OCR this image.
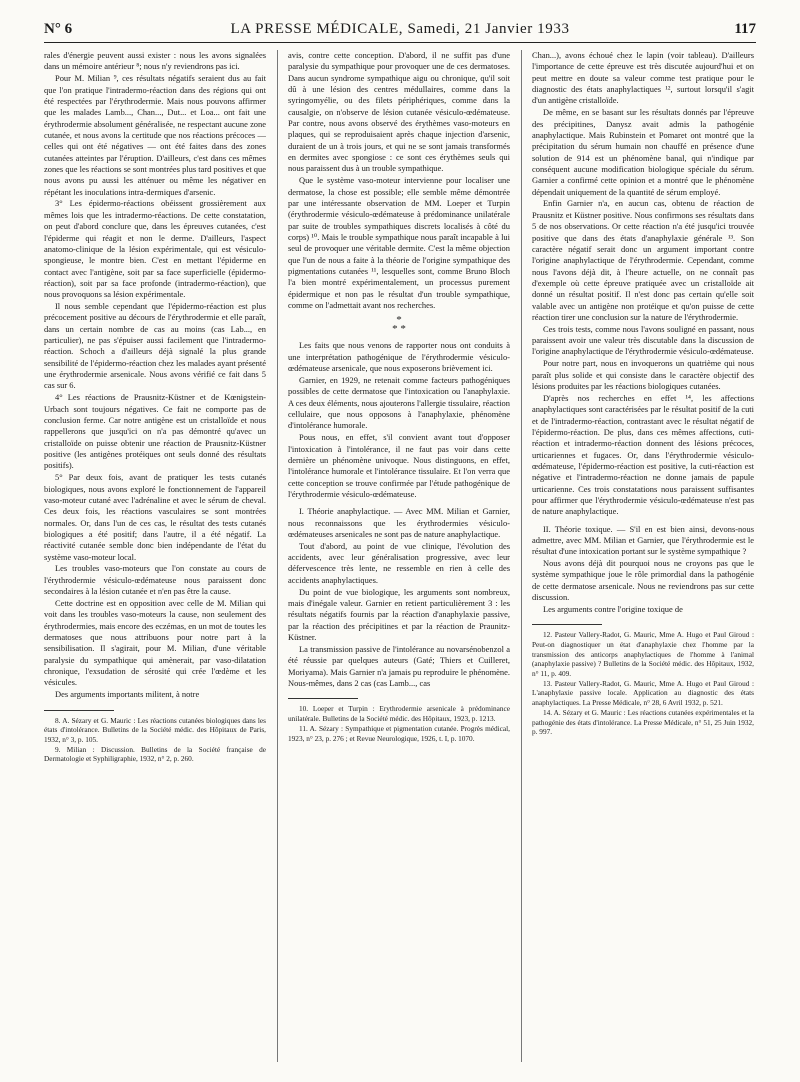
N° 6	LA PRESSE MÉDICALE, Samedi, 21 Janvier 1933	117

rales d'énergie peuvent aussi exister : nous les avons signalées dans un mémoire antérieur ⁸; nous n'y reviendrons pas ici.

Pour M. Milian ⁹, ces résultats négatifs seraient dus au fait que l'on pratique l'intradermo-réaction dans des régions qui ont été respectées par l'érythrodermie. Mais nous pouvons affirmer que les malades Lamb..., Chan..., Dut... et Loa... ont fait une érythrodermie absolument généralisée, ne respectant aucune zone cutanée, et nous avons la certitude que nos réactions précoces — celles qui ont été négatives — ont été faites dans des zones cutanées atteintes par l'éruption. D'ailleurs, c'est dans ces mêmes zones que les réactions se sont montrées plus tard positives et que nous avons pu aussi les atténuer ou même les négativer en répétant les inoculations intra-dermiques d'arsenic.

3° Les épidermo-réactions obéissent grossièrement aux mêmes lois que les intradermo-réactions. De cette constatation, on peut d'abord conclure que, dans les épreuves cutanées, c'est l'épiderme qui réagit et non le derme. D'ailleurs, l'aspect anatomo-clinique de la lésion expérimentale, qui est vésiculo-spongieuse, le montre bien. C'est en mettant l'épiderme en contact avec l'antigène, soit par sa face superficielle (épidermo-réaction), soit par sa face profonde (intradermo-réaction), que nous provoquons sa lésion expérimentale.

Il nous semble cependant que l'épidermo-réaction est plus précocement positive au décours de l'érythrodermie et elle paraît, dans un certain nombre de cas au moins (cas Lab..., en particulier), ne pas s'épuiser aussi facilement que l'intradermo-réaction. Schoch a d'ailleurs déjà signalé la plus grande sensibilité de l'épidermo-réaction chez les malades ayant présenté une érythrodermie arsenicale. Nous avons vérifié ce fait dans 5 cas sur 6.

4° Les réactions de Prausnitz-Küstner et de Kœnigstein-Urbach sont toujours négatives. Ce fait ne comporte pas de conclusion ferme. Car notre antigène est un cristalloïde et nous rappellerons que jusqu'ici on n'a pas démontré qu'avec un cristalloïde on puisse obtenir une réaction de Prausnitz-Küstner positive (les antigènes protéiques ont seuls donné des résultats positifs).

5° Par deux fois, avant de pratiquer les tests cutanés biologiques, nous avons exploré le fonctionnement de l'appareil vaso-moteur cutané avec l'adrénaline et avec le sérum de cheval. Ces deux fois, les réactions vasculaires se sont montrées normales. Or, dans l'un de ces cas, le résultat des tests cutanés biologiques a été positif; dans l'autre, il a été négatif. La réactivité cutanée semble donc bien indépendante de l'état du système vaso-moteur local.

Les troubles vaso-moteurs que l'on constate au cours de l'érythrodermie vésiculo-œdémateuse nous paraissent donc secondaires à la lésion cutanée et n'en pas être la cause.

Cette doctrine est en opposition avec celle de M. Milian qui voit dans les troubles vaso-moteurs la cause, non seulement des érythrodermies, mais encore des eczémas, en un mot de toutes les dermatoses que nous attribuons pour notre part à la sensibilisation. Il s'agirait, pour M. Milian, d'une véritable paralysie du sympathique qui amènerait, par vaso-dilatation chronique, l'exsudation de sérosité qui crée l'œdème et les vésicules.

Des arguments importants militent, à notre

8. A. Sézary et G. Mauric : Les réactions cutanées biologiques dans les états d'intolérance. Bulletins de la Société médic. des Hôpitaux de Paris, 1932, n° 3, p. 105.

9. Milian : Discussion. Bulletins de la Société française de Dermatologie et Syphiligraphie, 1932, n° 2, p. 260.

avis, contre cette conception. D'abord, il ne suffit pas d'une paralysie du sympathique pour provoquer une de ces dermatoses. Dans aucun syndrome sympathique aigu ou chronique, qu'il soit dû à une lésion des centres médullaires, comme dans la syringomyélie, ou des filets périphériques, comme dans la causalgie, on n'observe de lésion cutanée vésiculo-œdémateuse. Par contre, nous avons observé des érythèmes vaso-moteurs en plaques, qui se reproduisaient après chaque injection d'arsenic, duraient de un à trois jours, et qui ne se sont jamais transformés en dermites avec spongiose : ce sont ces érythèmes seuls qui nous paraissent dus à un trouble sympathique.

Que le système vaso-moteur intervienne pour localiser une dermatose, la chose est possible; elle semble même démontrée par une intéressante observation de MM. Loeper et Turpin (érythrodermie vésiculo-œdémateuse à prédominance unilatérale par suite de troubles sympathiques discrets localisés à côté du corps) ¹⁰. Mais le trouble sympathique nous paraît incapable à lui seul de provoquer une véritable dermite. C'est la même objection que l'un de nous a faite à la théorie de l'origine sympathique des pigmentations cutanées ¹¹, lesquelles sont, comme Bruno Bloch l'a bien montré expérimentalement, un processus purement épidermique et non pas le résultat d'un trouble sympathique, comme on l'admettait avant nos recherches.

*
* *

Les faits que nous venons de rapporter nous ont conduits à une interprétation pathogénique de l'érythrodermie vésiculo-œdémateuse arsenicale, que nous exposerons brièvement ici.

Garnier, en 1929, ne retenait comme facteurs pathogéniques possibles de cette dermatose que l'intoxication ou l'anaphylaxie. A ces deux éléments, nous ajouterons l'allergie tissulaire, réaction cellulaire, que nous opposons à l'anaphylaxie, phénomène d'intolérance humorale.

Pous nous, en effet, s'il convient avant tout d'opposer l'intoxication à l'intolérance, il ne faut pas voir dans cette dernière un phénomène univoque. Nous distinguons, en effet, l'intolérance humorale et l'intolérance tissulaire. Et l'on verra que cette conception se trouve confirmée par l'étude pathogénique de l'érythrodermie vésiculo-œdémateuse.

I. Théorie anaphylactique. — Avec MM. Milian et Garnier, nous reconnaissons que les érythrodermies vésiculo-œdémateuses arsenicales ne sont pas de nature anaphylactique.

Tout d'abord, au point de vue clinique, l'évolution des accidents, avec leur généralisation progressive, avec leur défervescence très lente, ne ressemble en rien à celle des accidents anaphylactiques.

Du point de vue biologique, les arguments sont nombreux, mais d'inégale valeur. Garnier en retient particulièrement 3 : les résultats négatifs fournis par la réaction d'anaphylaxie passive, par la réaction des précipitines et par la réaction de Praunitz-Küstner.

La transmission passive de l'intolérance au novarsénobenzol a été réussie par quelques auteurs (Gaté; Thiers et Cuilleret, Moriyama). Mais Garnier n'a jamais pu reproduire le phénomène. Nous-mêmes, dans 2 cas (cas Lamb..., cas

10. Loeper et Turpin : Erythrodermie arsenicale à prédominance unilatérale. Bulletins de la Société médic. des Hôpitaux, 1923, p. 1213.

11. A. Sézary : Sympathique et pigmentation cutanée. Progrès médical, 1923, n° 23, p. 276 ; et Revue Neurologique, 1926, t. I, p. 1070.

Chan...), avons échoué chez le lapin (voir tableau). D'ailleurs l'importance de cette épreuve est très discutée aujourd'hui et on peut mettre en doute sa valeur comme test pratique pour le diagnostic des états anaphylactiques ¹², surtout lorsqu'il s'agit d'un antigène cristalloïde.

De même, en se basant sur les résultats donnés par l'épreuve des précipitines, Danysz avait admis la pathogénie anaphylactique. Mais Rubinstein et Pomaret ont montré que la précipitation du sérum humain non chauffé en présence d'une solution de 914 est un phénomène banal, qui n'indique par conséquent aucune modification biologique spéciale du sérum. Garnier a confirmé cette opinion et a montré que le phénomène dépendait uniquement de la quantité de sérum employé.

Enfin Garnier n'a, en aucun cas, obtenu de réaction de Prausnitz et Küstner positive. Nous confirmons ses résultats dans 5 de nos observations. Or cette réaction n'a été jusqu'ici trouvée positive que dans des états d'anaphylaxie générale ¹³. Son caractère négatif serait donc un argument important contre l'origine anaphylactique de l'érythrodermie. Cependant, comme nous l'avons déjà dit, à l'heure actuelle, on ne connaît pas d'exemple où cette épreuve pratiquée avec un cristalloïde ait donné un résultat positif. Il n'est donc pas certain qu'elle soit valable avec un antigène non protéique et qu'on puisse de cette réaction tirer une conclusion sur la nature de l'érythrodermie.

Ces trois tests, comme nous l'avons souligné en passant, nous paraissent avoir une valeur très discutable dans la discussion de l'origine anaphylactique de l'érythrodermie vésiculo-œdémateuse.

Pour notre part, nous en invoquerons un quatrième qui nous paraît plus solide et qui consiste dans le caractère objectif des lésions produites par les réactions biologiques cutanées.

D'après nos recherches en effet ¹⁴, les affections anaphylactiques sont caractérisées par le résultat positif de la cuti et de l'intradermo-réaction, contrastant avec le résultat négatif de l'épidermo-réaction. De plus, dans ces mêmes affections, cuti-réaction et intradermo-réaction donnent des lésions précoces, urticariennes et fugaces. Or, dans l'érythrodermie vésiculo-œdémateuse, l'épidermo-réaction est positive, la cuti-réaction est négative et l'intradermo-réaction ne donne jamais de papule urticarienne. Ces trois constatations nous paraissent suffisantes pour affirmer que l'érythrodermie vésiculo-œdémateuse n'est pas de nature anaphylactique.

II. Théorie toxique. — S'il en est bien ainsi, devons-nous admettre, avec MM. Milian et Garnier, que l'érythrodermie est le résultat d'une intoxication portant sur le système sympathique ?

Nous avons déjà dit pourquoi nous ne croyons pas que le système sympathique joue le rôle primordial dans la pathogénie de cette dermatose arsenicale. Nous ne reviendrons pas sur cette discussion.

Les arguments contre l'origine toxique de

12. Pasteur Vallery-Radot, G. Mauric, Mme A. Hugo et Paul Giroud : Peut-on diagnostiquer un état d'anaphylaxie chez l'homme par la transmission des anticorps anaphylactiques de l'homme à l'animal (anaphylaxie passive) ? Bulletins de la Société médic. des Hôpitaux, 1932, n° 11, p. 409.

13. Pasteur Vallery-Radot, G. Mauric, Mme A. Hugo et Paul Giroud : L'anaphylaxie passive locale. Application au diagnostic des états anaphylactiques. La Presse Médicale, n° 28, 6 Avril 1932, p. 521.

14. A. Sézary et G. Mauric : Les réactions cutanées expérimentales et la pathogénie des états d'intolérance. La Presse Médicale, n° 51, 25 Juin 1932, p. 997.
